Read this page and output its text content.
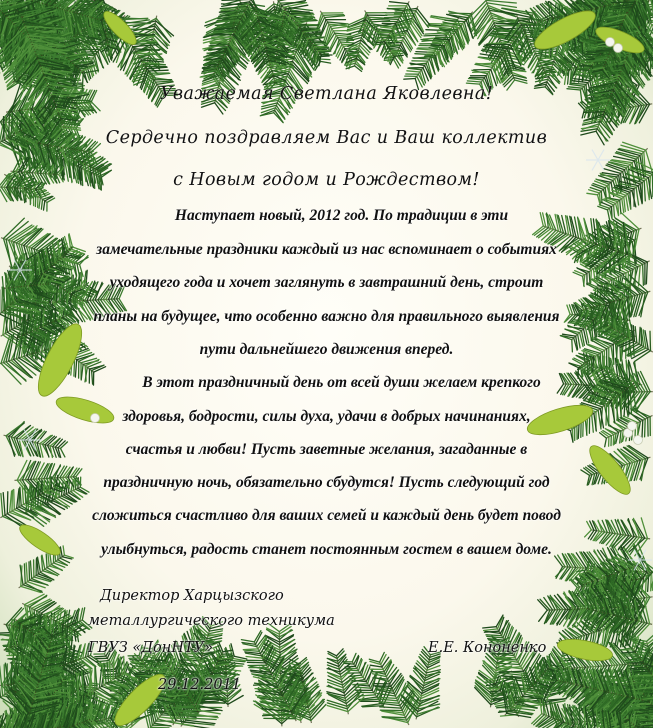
Уважаемая Светлана Яковлевна!
Сердечно поздравляем Вас и Ваш коллектив
с Новым годом и Рождеством!
Наступает новый, 2012 год. По традиции в эти
замечательные праздники каждый из нас вспоминает о событиях
уходящего года и хочет заглянуть в завтрашний день, строит
планы на будущее, что особенно важно для правильного выявления
пути дальнейшего движения вперед.
В этот праздничный день от всей души желаем крепкого
здоровья, бодрости, силы духа, удачи в добрых начинаниях,
счастья и любви! Пусть заветные желания, загаданные в
праздничную ночь, обязательно сбудутся! Пусть следующий год
сложиться счастливо для ваших семей и каждый день будет повод
улыбнуться, радость станет постоянным гостем в вашем доме.
Директор Харцызского
металлургического техникума
ГВУЗ «ДонНТУ»	Е.Е. Кононенко
29.12.2011
